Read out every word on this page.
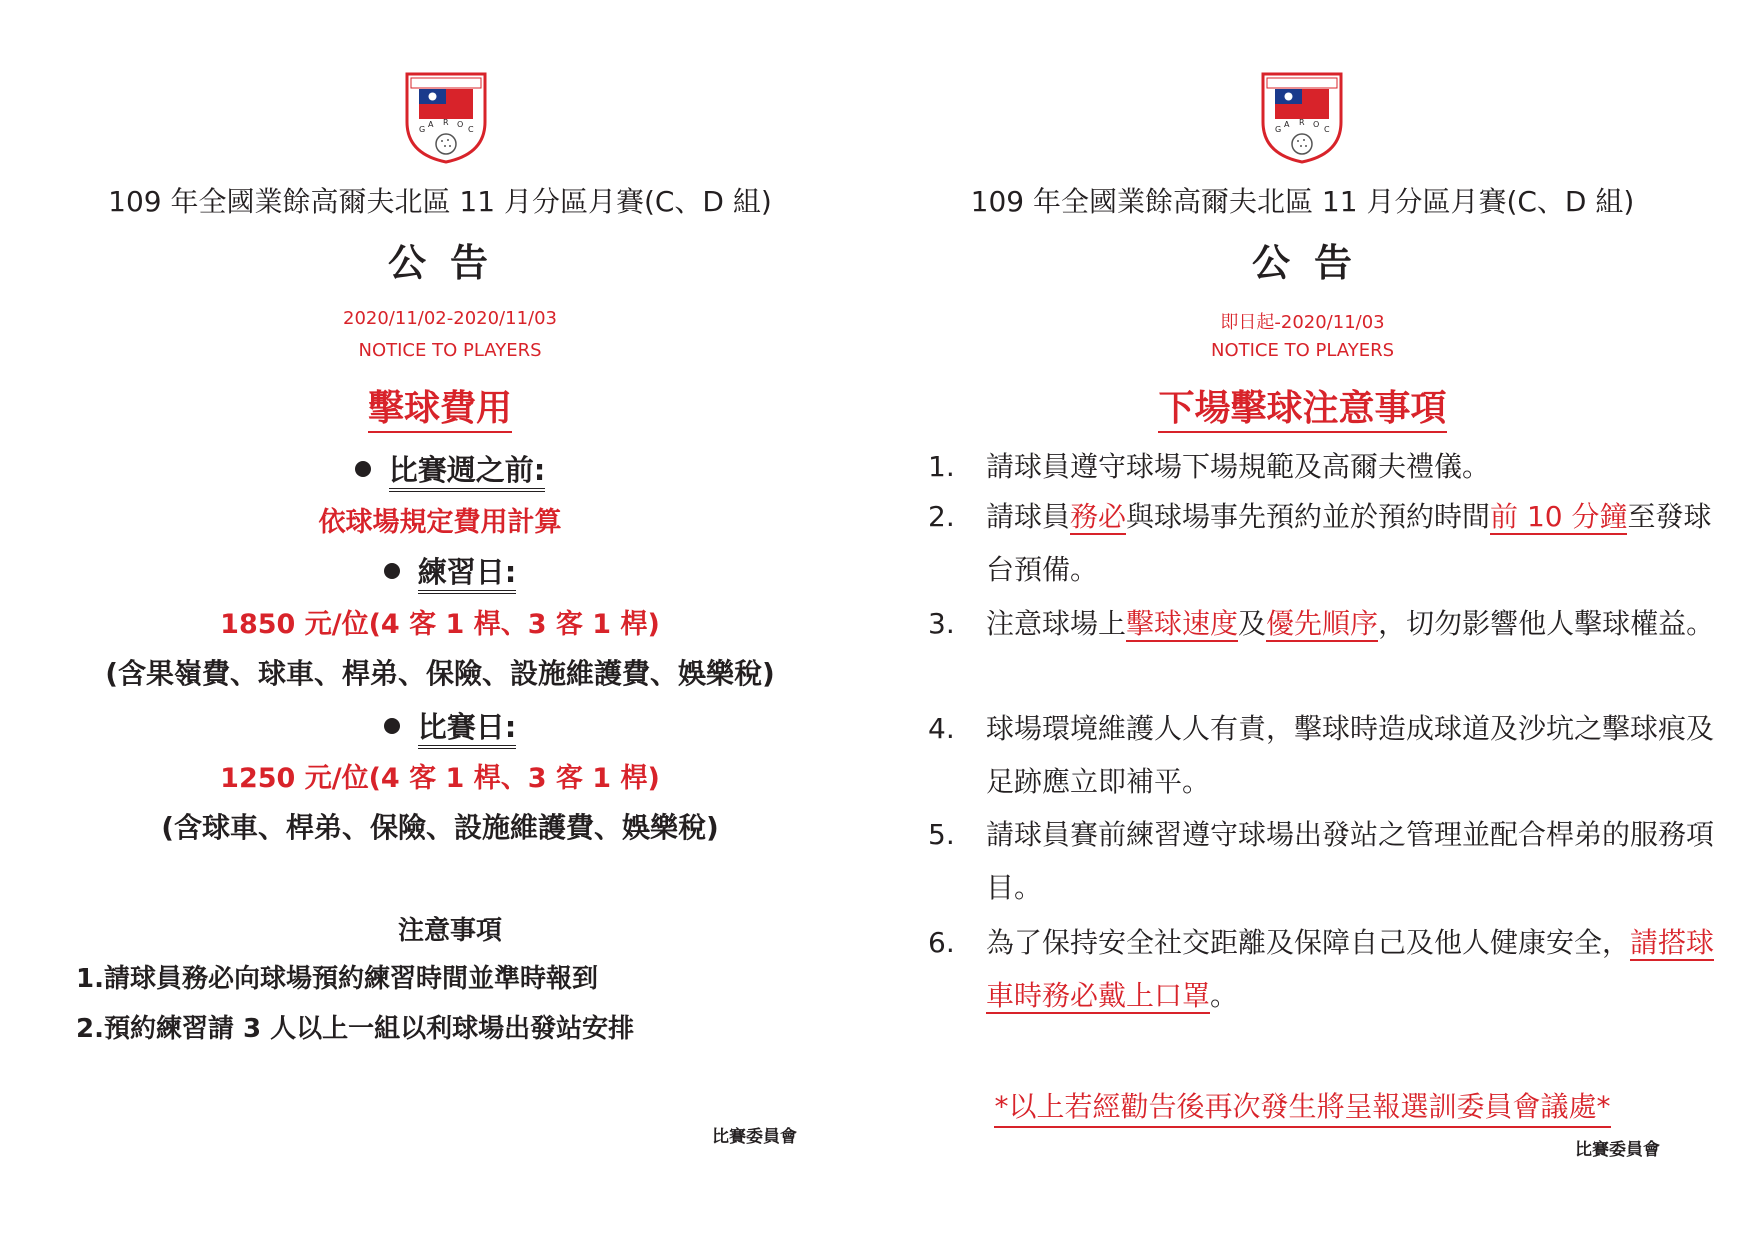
G
A R O
C
109 年全國業餘高爾夫北區 11 月分區月賽(C、D 組)
公告
2020/11/02-2020/11/03
NOTICE TO PLAYERS
擊球費用
比賽週之前:
依球場規定費用計算
練習日:
1850 元/位(4 客 1 桿、3 客 1 桿)
(含果嶺費、球車、桿弟、保險、設施維護費、娛樂稅)
比賽日:
1250 元/位(4 客 1 桿、3 客 1 桿)
(含球車、桿弟、保險、設施維護費、娛樂稅)
注意事項
1.請球員務必向球場預約練習時間並準時報到
2.預約練習請 3 人以上一組以利球場出發站安排
比賽委員會
G
A R O
C
109 年全國業餘高爾夫北區 11 月分區月賽(C、D 組)
公告
即日起-2020/11/03
NOTICE TO PLAYERS
下場擊球注意事項
1. 請球員遵守球場下場規範及高爾夫禮儀。
2. 請球員務必與球場事先預約並於預約時間前 10 分鐘至發球台預備。
3. 注意球場上擊球速度及優先順序，切勿影響他人擊球權益。
4. 球場環境維護人人有責，擊球時造成球道及沙坑之擊球痕及足跡應立即補平。
5. 請球員賽前練習遵守球場出發站之管理並配合桿弟的服務項目。
6. 為了保持安全社交距離及保障自己及他人健康安全，請搭球車時務必戴上口罩。
*以上若經勸告後再次發生將呈報選訓委員會議處*
比賽委員會
